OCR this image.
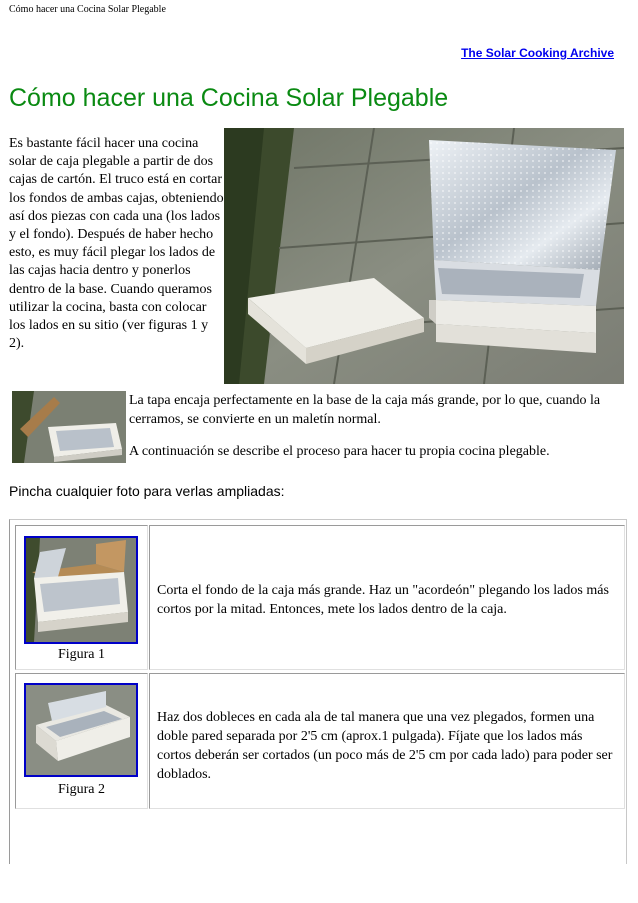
Cómo hacer una Cocina Solar Plegable
The Solar Cooking Archive
Cómo hacer una Cocina Solar Plegable

Es bastante fácil hacer una cocina solar de caja plegable a partir de dos cajas de cartón. El truco está en cortar los fondos de ambas cajas, obteniendo así dos piezas con cada una (los lados y el fondo). Después de haber hecho esto, es muy fácil plegar los lados de las cajas hacia dentro y ponerlos dentro de la base. Cuando queramos utilizar la cocina, basta con colocar los lados en su sitio (ver figuras 1 y 2).

La tapa encaja perfectamente en la base de la caja más grande, por lo que, cuando la cerramos, se convierte en un maletín normal.

A continuación se describe el proceso para hacer tu propia cocina plegable.

Pincha cualquier foto para verlas ampliadas:

Figura 1

Corta el fondo de la caja más grande. Haz un "acordeón" plegando los lados más cortos por la mitad. Entonces, mete los lados dentro de la caja.

Figura 2

Haz dos dobleces en cada ala de tal manera que una vez plegados, formen una doble pared separada por 2'5 cm (aprox.1 pulgada). Fíjate que los lados más cortos deberán ser cortados (un poco más de 2'5 cm por cada lado) para poder ser doblados.
